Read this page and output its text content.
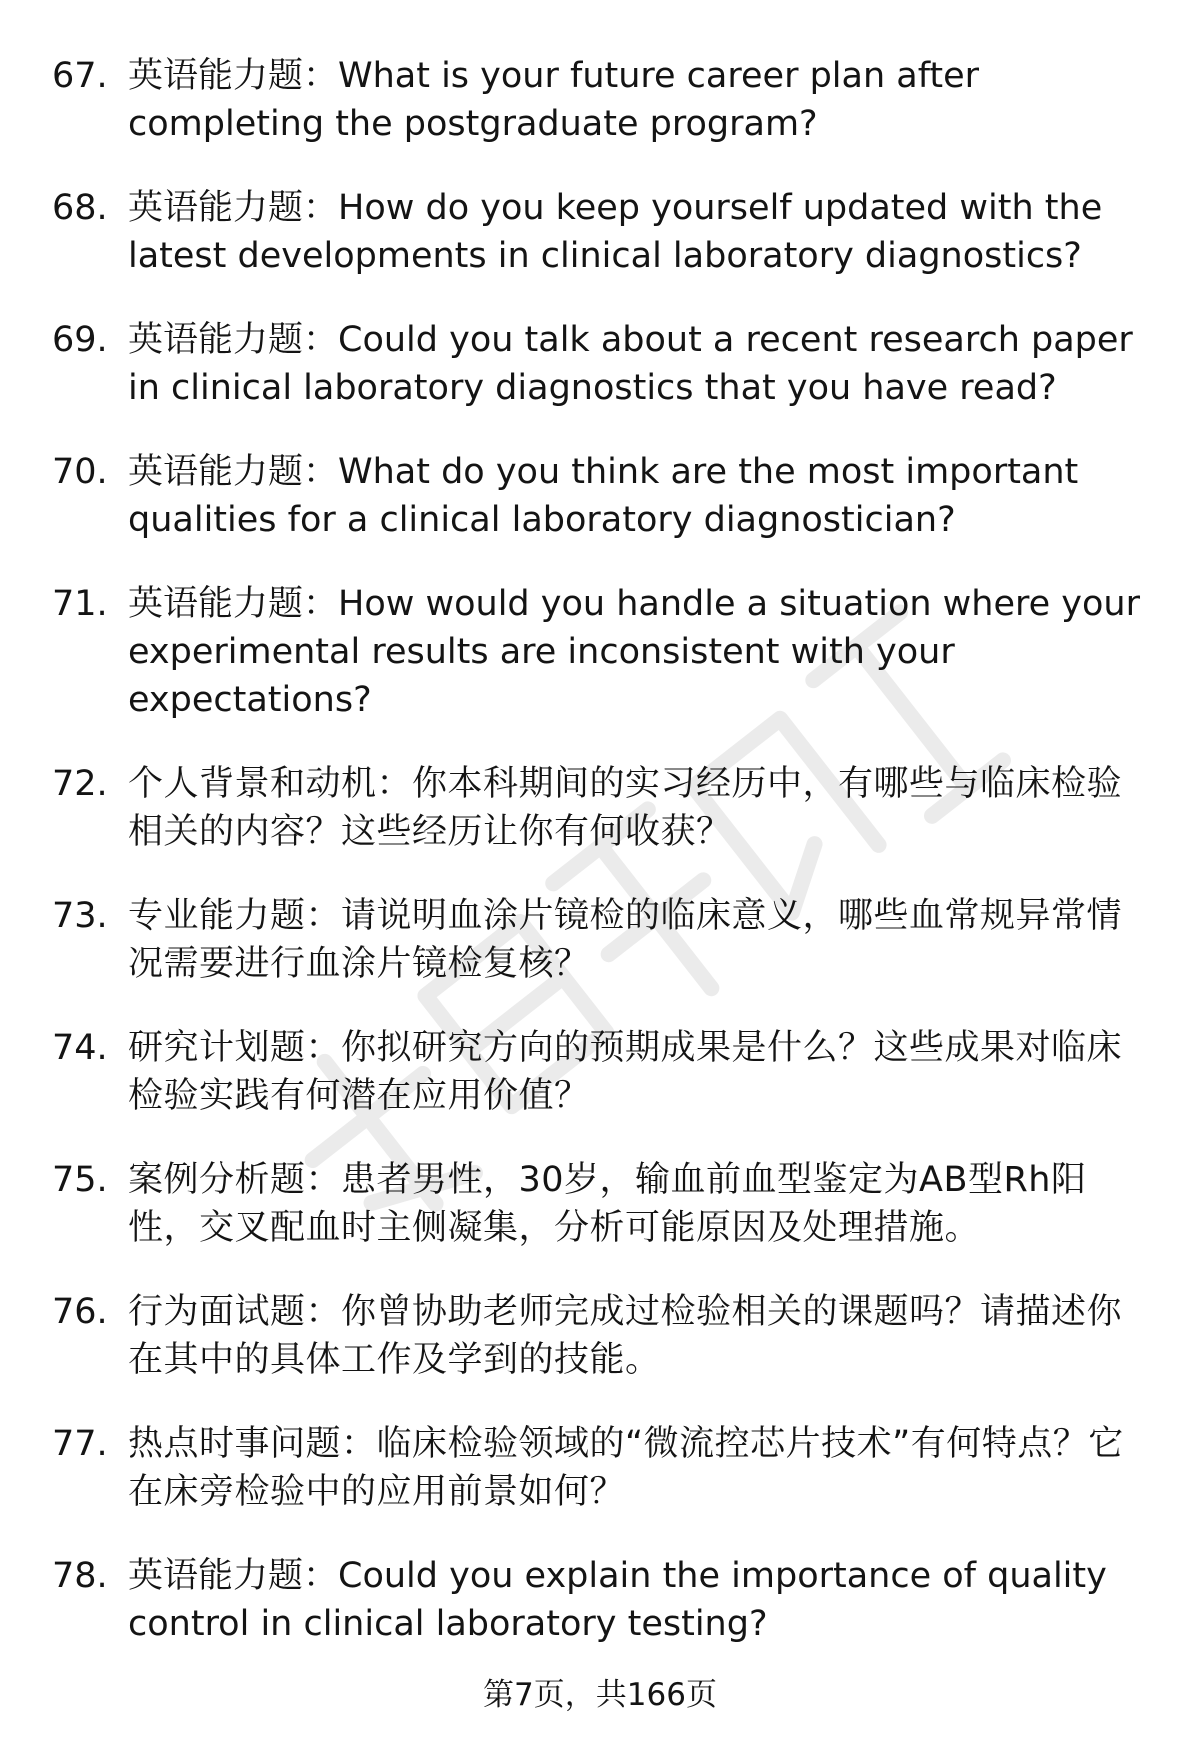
67. 英语能力题：What is your future career plan after completing the postgraduate program?
68. 英语能力题：How do you keep yourself updated with the latest developments in clinical laboratory diagnostics?
69. 英语能力题：Could you talk about a recent research paper in clinical laboratory diagnostics that you have read?
70. 英语能力题：What do you think are the most important qualities for a clinical laboratory diagnostician?
71. 英语能力题：How would you handle a situation where your experimental results are inconsistent with your expectations?
72. 个人背景和动机：你本科期间的实习经历中，有哪些与临床检验相关的内容？这些经历让你有何收获？
73. 专业能力题：请说明血涂片镜检的临床意义，哪些血常规异常情况需要进行血涂片镜检复核？
74. 研究计划题：你拟研究方向的预期成果是什么？这些成果对临床检验实践有何潜在应用价值？
75. 案例分析题：患者男性，30岁，输血前血型鉴定为AB型Rh阳性，交叉配血时主侧凝集，分析可能原因及处理措施。
76. 行为面试题：你曾协助老师完成过检验相关的课题吗？请描述你在其中的具体工作及学到的技能。
77. 热点时事问题：临床检验领域的“微流控芯片技术”有何特点？它在床旁检验中的应用前景如何？
78. 英语能力题：Could you explain the importance of quality control in clinical laboratory testing?
第7页，共166页
